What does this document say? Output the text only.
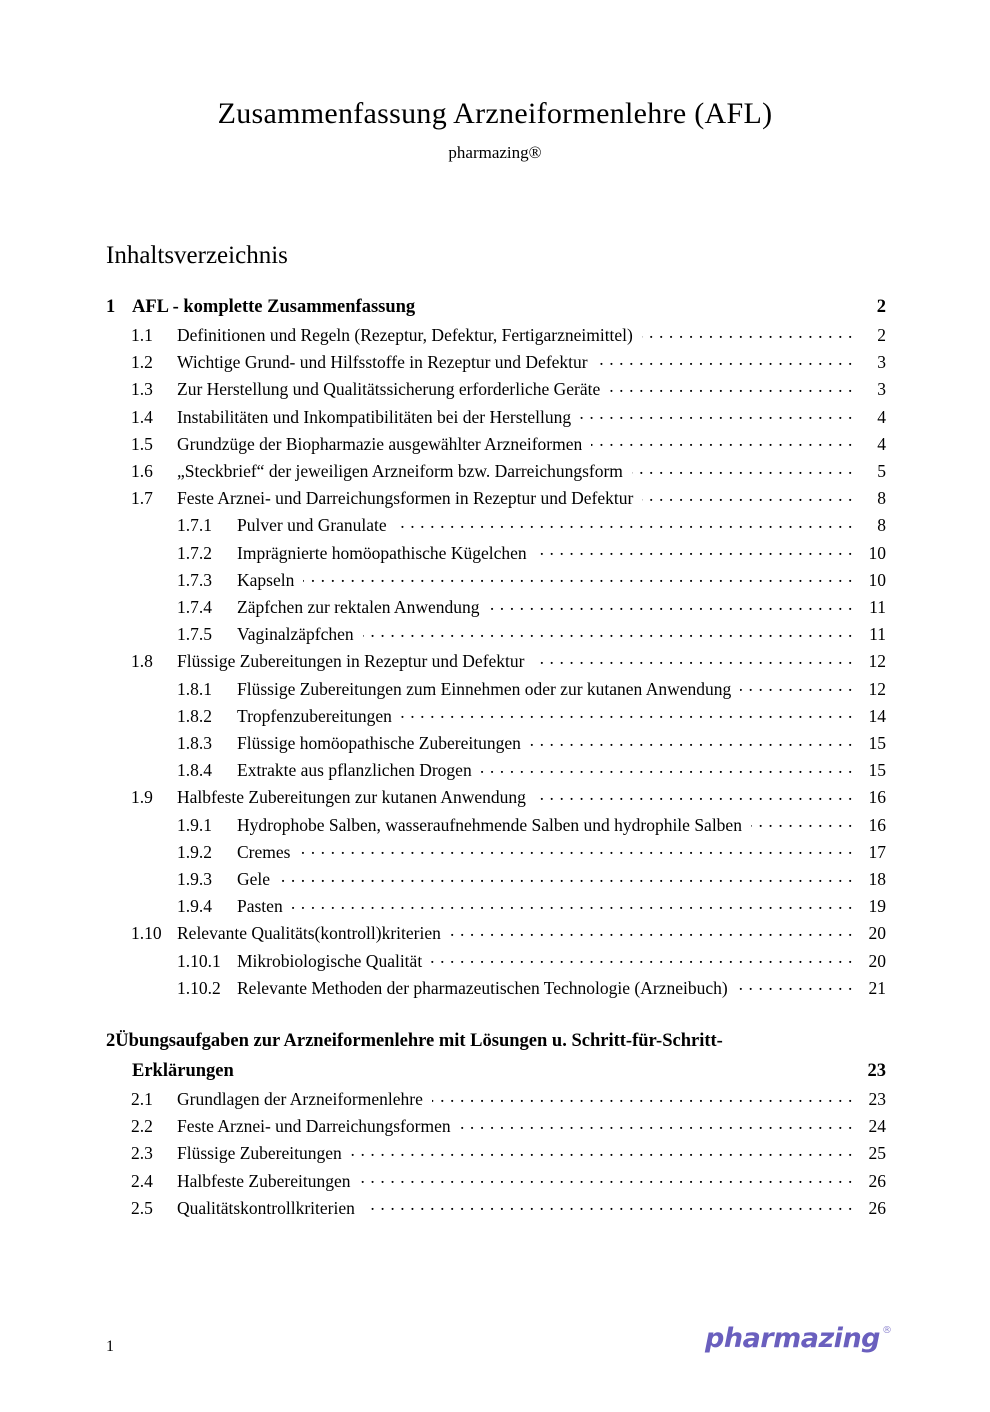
Zusammenfassung Arzneiformenlehre (AFL)

pharmazing®

Inhaltsverzeichnis
1 AFL - komplette Zusammenfassung	2
1.1	Definitionen und Regeln (Rezeptur, Defektur, Fertigarzneimittel) . . .	2
1.2	Wichtige Grund- und Hilfsstoffe in Rezeptur und Defektur . . .	3
1.3	Zur Herstellung und Qualitätssicherung erforderliche Geräte . . .	3
1.4	Instabilitäten und Inkompatibilitäten bei der Herstellung . . .	4
1.5	Grundzüge der Biopharmazie ausgewählter Arzneiformen . . .	4
1.6	„Steckbrief“ der jeweiligen Arzneiform bzw. Darreichungsform . . .	5
1.7	Feste Arznei- und Darreichungsformen in Rezeptur und Defektur . . .	8
1.7.1	Pulver und Granulate . . .	8
1.7.2	Imprägnierte homöopathische Kügelchen . . .	10
1.7.3	Kapseln . . .	10
1.7.4	Zäpfchen zur rektalen Anwendung . . .	11
1.7.5	Vaginalzäpfchen . . .	11
1.8	Flüssige Zubereitungen in Rezeptur und Defektur . . .	12
1.8.1	Flüssige Zubereitungen zum Einnehmen oder zur kutanen Anwendung . . .	12
1.8.2	Tropfenzubereitungen . . .	14
1.8.3	Flüssige homöopathische Zubereitungen . . .	15
1.8.4	Extrakte aus pflanzlichen Drogen . . .	15
1.9	Halbfeste Zubereitungen zur kutanen Anwendung . . .	16
1.9.1	Hydrophobe Salben, wasseraufnehmende Salben und hydrophile Salben . . .	16
1.9.2	Cremes . . .	17
1.9.3	Gele . . .	18
1.9.4	Pasten . . .	19
1.10 Relevante Qualitäts(kontroll)kriterien . . .	20
1.10.1 Mikrobiologische Qualität . . .	20
1.10.2 Relevante Methoden der pharmazeutischen Technologie (Arzneibuch) . . .	21
2 Übungsaufgaben zur Arzneiformenlehre mit Lösungen u. Schritt-für-Schritt-
Erklärungen	23
2.1	Grundlagen der Arzneiformenlehre . . .	23
2.2	Feste Arznei- und Darreichungsformen . . .	24
2.3	Flüssige Zubereitungen . . .	25
2.4	Halbfeste Zubereitungen . . .	26
2.5	Qualitätskontrollkriterien . . .	26
1	pharmazing ®
